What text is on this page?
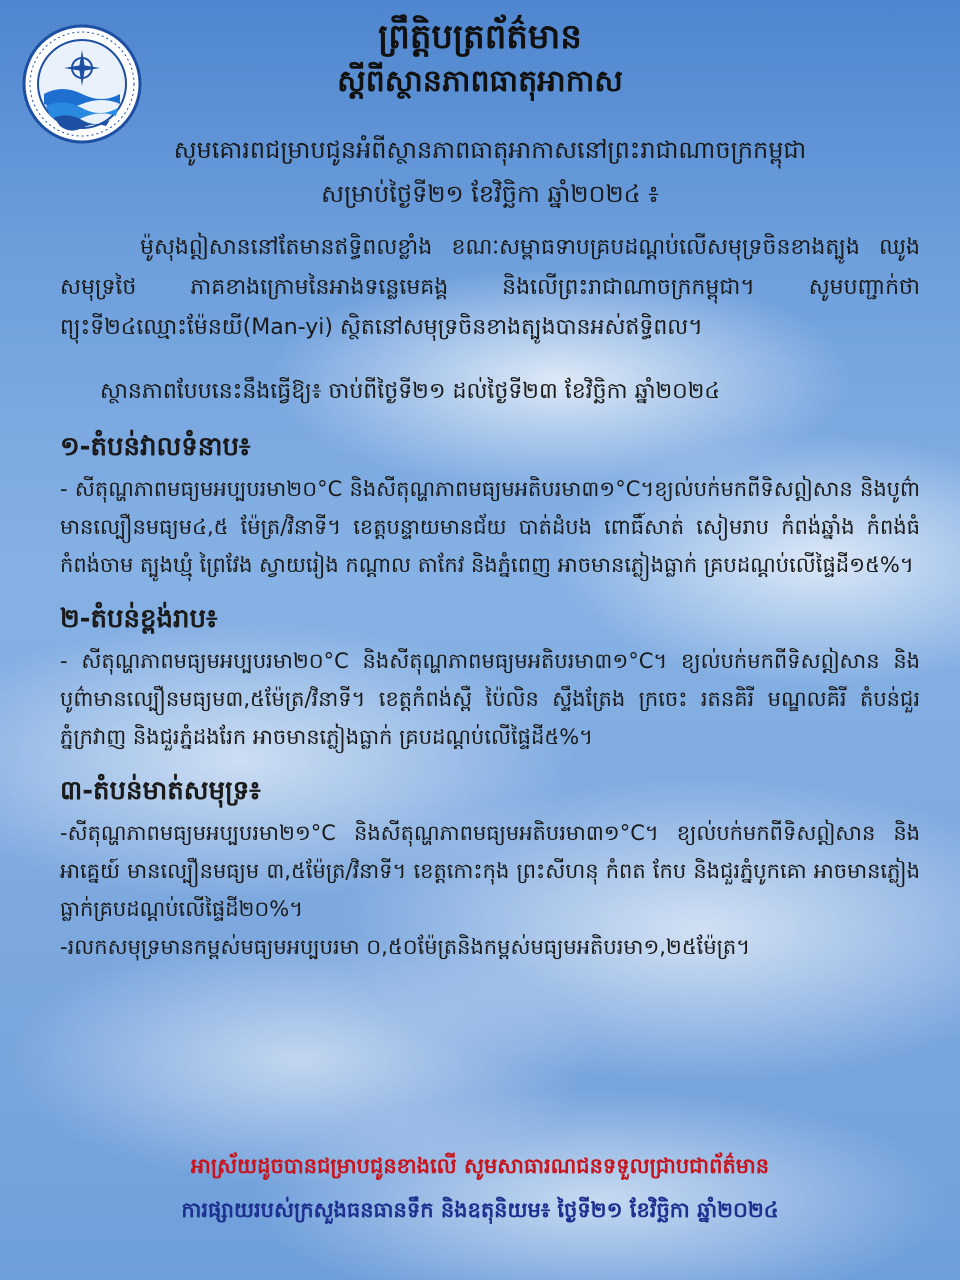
ព្រឹត្តិបត្រព័ត៌មាន

ស្តីពីស្ថានភាពធាតុអាកាស

សូមគោរពជម្រាបជូនអំពីស្ថានភាពធាតុអាកាសនៅព្រះរាជាណាចក្រកម្ពុជា

សម្រាប់ថ្ងៃទី២១ ខែវិច្ឆិកា ឆ្នាំ២០២៤ ៖

ម៉ូសុងឦសាននៅតែមានឥទ្ធិពលខ្លាំង ខណៈសម្ពាធទាបគ្របដណ្តប់លើសមុទ្រចិនខាងត្បូង ឈូងសមុទ្រថៃ ភាគខាងក្រោមនៃអាងទន្លេមេគង្គ និងលើព្រះរាជាណាចក្រកម្ពុជា។ សូមបញ្ជាក់ថា ព្យុះទី២៤ឈ្មោះម៉ែនយី(Man-yi) ស្ថិតនៅសមុទ្រចិនខាងត្បូងបានអស់ឥទ្ធិពល។

ស្ថានភាពបែបនេះនឹងធ្វើឱ្យ៖ ចាប់ពីថ្ងៃទី២១ ដល់ថ្ងៃទី២៣ ខែវិច្ឆិកា ឆ្នាំ២០២៤

១-តំបន់វាលទំនាប៖

- សីតុណ្ហភាពមធ្យមអប្បបរមា២០°C និងសីតុណ្ហភាពមធ្យមអតិបរមា៣១°C។ខ្យល់បក់មកពីទិសឦសាន និងបូព៌ាមានល្បឿនមធ្យម៤,៥ ម៉ែត្រ/វិនាទី។ ខេត្តបន្ទាយមានជ័យ បាត់ដំបង ពោធិ៍សាត់ សៀមរាប កំពង់ឆ្នាំង កំពង់ធំ កំពង់ចាម ត្បូងឃ្មុំ ព្រៃវែង ស្វាយរៀង កណ្តាល តាកែវ និងភ្នំពេញ អាចមានភ្លៀងធ្លាក់ គ្របដណ្តប់លើផ្ទៃដី១៥%។

២-តំបន់ខ្ពង់រាប៖

- សីតុណ្ហភាពមធ្យមអប្បបរមា២០°C និងសីតុណ្ហភាពមធ្យមអតិបរមា៣១°C។ ខ្យល់បក់មកពីទិសឦសាន និងបូព៌ាមានល្បឿនមធ្យម៣,៥ម៉ែត្រ/វិនាទី។ ខេត្តកំពង់ស្ពឺ ប៉ៃលិន ស្ទឹងត្រែង ក្រចេះ រតនគិរី មណ្ឌលគិរី តំបន់ជួរភ្នំក្រវាញ និងជួរភ្នំដងរែក អាចមានភ្លៀងធ្លាក់ គ្របដណ្តប់លើផ្ទៃដី៥%។

៣-តំបន់មាត់សមុទ្រ៖

-សីតុណ្ហភាពមធ្យមអប្បបរមា២១°C និងសីតុណ្ហភាពមធ្យមអតិបរមា៣១°C។ ខ្យល់បក់មកពីទិសឦសាន និងអាគ្នេយ៍ មានល្បឿនមធ្យម ៣,៥ម៉ែត្រ/វិនាទី។ ខេត្តកោះកុង ព្រះសីហនុ កំពត កែប និងជួរភ្នំបូកគោ អាចមានភ្លៀងធ្លាក់គ្របដណ្តប់លើផ្ទៃដី២០%។

-រលកសមុទ្រមានកម្ពស់មធ្យមអប្បបរមា ០,៥០ម៉ែត្រនិងកម្ពស់មធ្យមអតិបរមា១,២៥ម៉ែត្រ។

អាស្រ័យដូចបានជម្រាបជូនខាងលើ សូមសាធារណជនទទួលជ្រាបជាព័ត៌មាន

ការផ្សាយរបស់ក្រសួងធនធានទឹក និងឧតុនិយម៖ ថ្ងៃទី២១ ខែវិច្ឆិកា ឆ្នាំ២០២៤
